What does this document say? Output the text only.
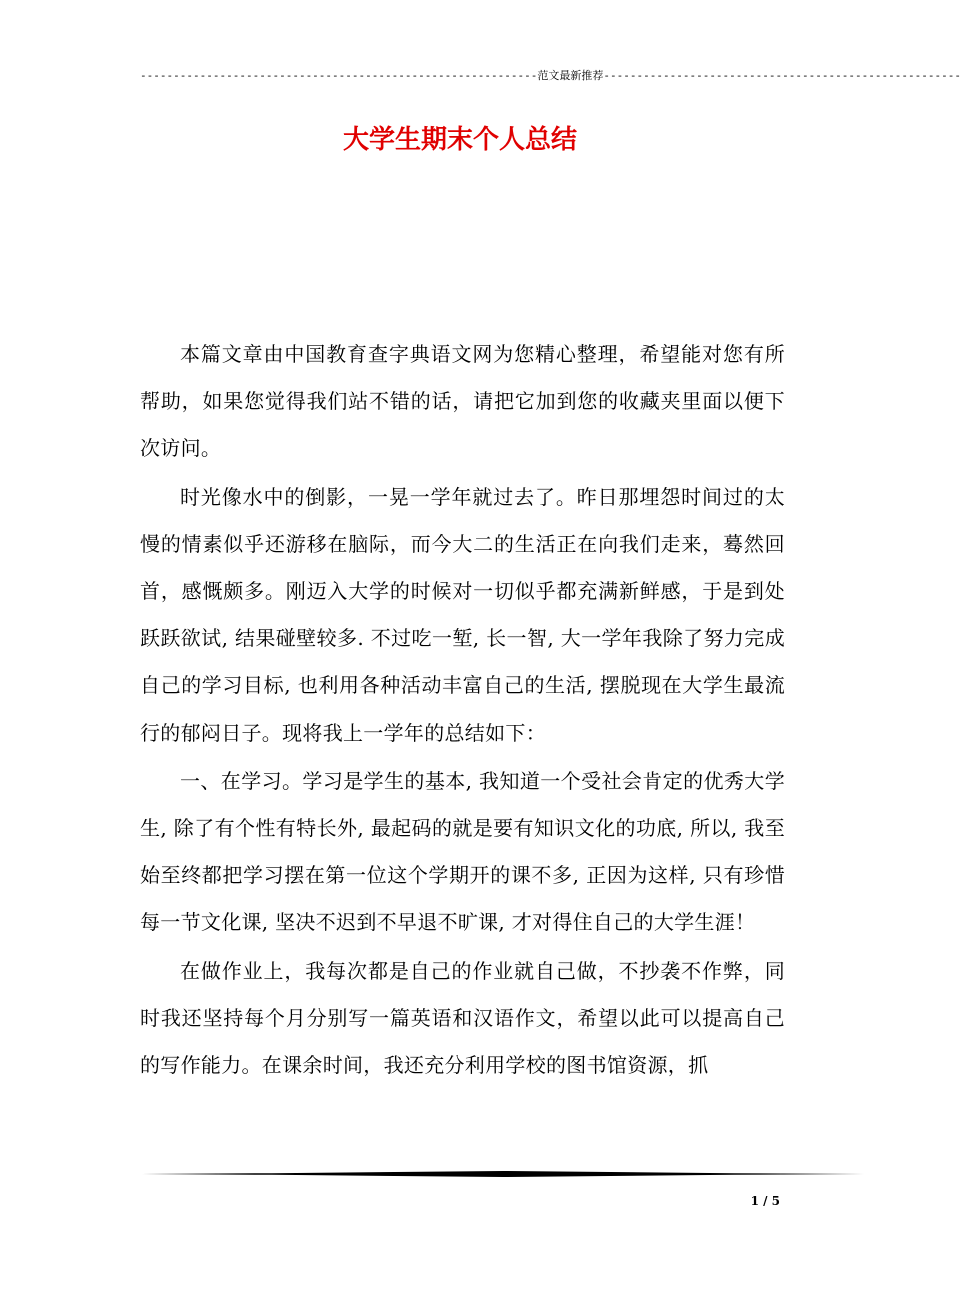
------------------------------------------------------------范文最新推荐------------------------------------------------------
大学生期末个人总结

本篇文章由中国教育查字典语文网为您精心整理，希望能对您有所帮助，如果您觉得我们站不错的话，请把它加到您的收藏夹里面以便下次访问。

时光像水中的倒影，一晃一学年就过去了。昨日那埋怨时间过的太慢的情素似乎还游移在脑际，而今大二的生活正在向我们走来，蓦然回首，感慨颇多。刚迈入大学的时候对一切似乎都充满新鲜感，于是到处跃跃欲试, 结果碰壁较多. 不过吃一堑, 长一智, 大一学年我除了努力完成自己的学习目标, 也利用各种活动丰富自己的生活, 摆脱现在大学生最流行的郁闷日子。现将我上一学年的总结如下：

一、在学习。学习是学生的基本, 我知道一个受社会肯定的优秀大学生, 除了有个性有特长外, 最起码的就是要有知识文化的功底, 所以, 我至始至终都把学习摆在第一位这个学期开的课不多, 正因为这样, 只有珍惜每一节文化课, 坚决不迟到不早退不旷课, 才对得住自己的大学生涯！

在做作业上，我每次都是自己的作业就自己做，不抄袭不作弊，同时我还坚持每个月分别写一篇英语和汉语作文，希望以此可以提高自己的写作能力。在课余时间，我还充分利用学校的图书馆资源，抓

1 / 5
